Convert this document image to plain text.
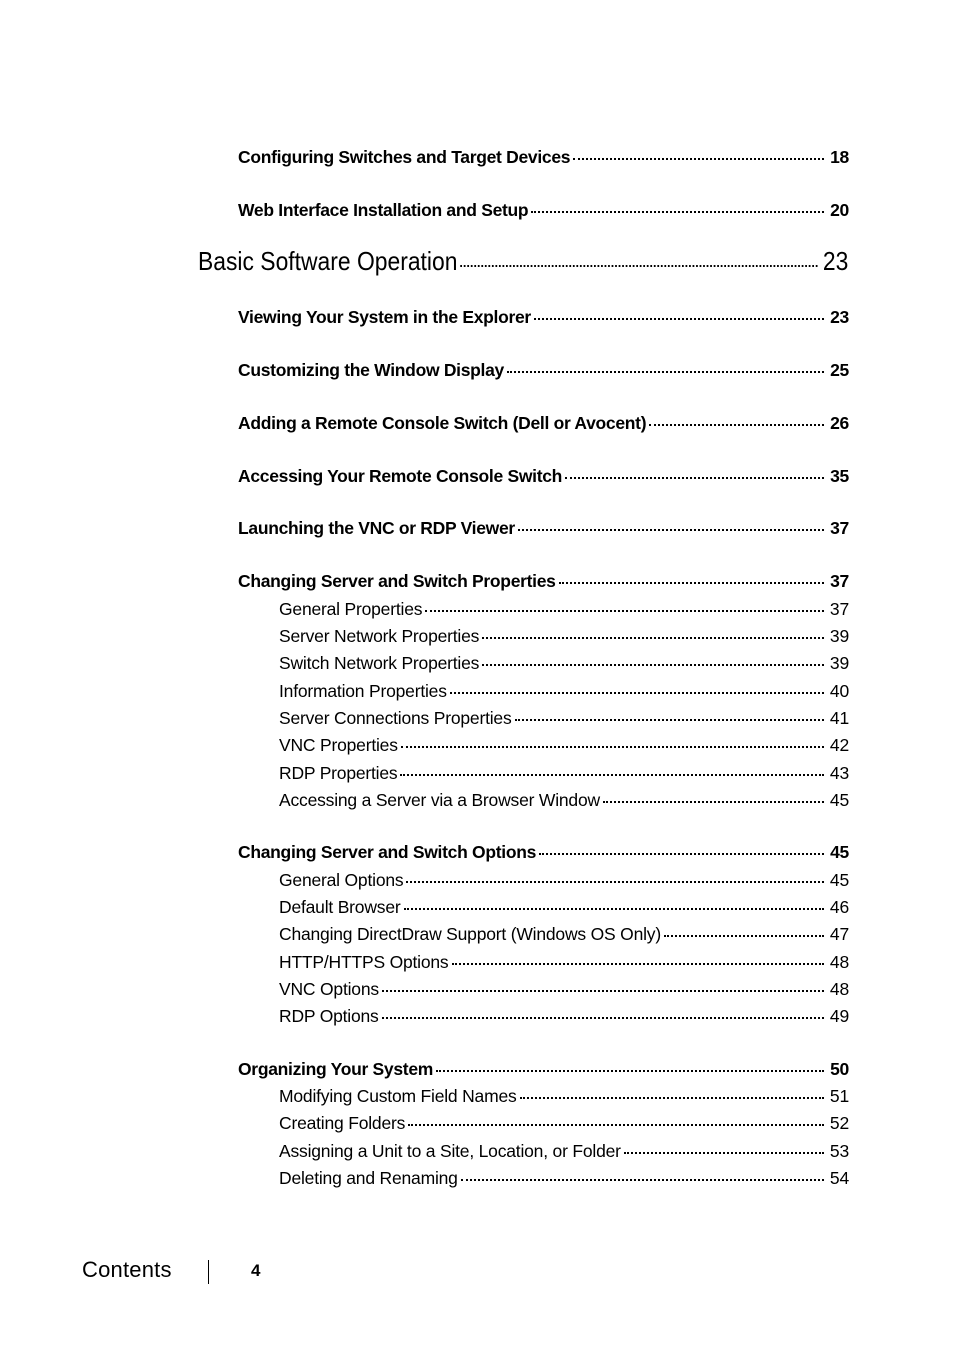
Configuring Switches and Target Devices	18
Web Interface Installation and Setup	20
Basic Software Operation	23
Viewing Your System in the Explorer	23
Customizing the Window Display	25
Adding a Remote Console Switch (Dell or Avocent)	26
Accessing Your Remote Console Switch	35
Launching the VNC or RDP Viewer	37
Changing Server and Switch Properties	37
General Properties	37
Server Network Properties	39
Switch Network Properties	39
Information Properties	40
Server Connections Properties	41
VNC Properties	42
RDP Properties	43
Accessing a Server via a Browser Window	45
Changing Server and Switch Options	45
General Options	45
Default Browser	46
Changing DirectDraw Support (Windows OS Only)	47
HTTP/HTTPS Options	48
VNC Options	48
RDP Options	49
Organizing Your System	50
Modifying Custom Field Names	51
Creating Folders	52
Assigning a Unit to a Site, Location, or Folder	53
Deleting and Renaming	54
Contents	4
